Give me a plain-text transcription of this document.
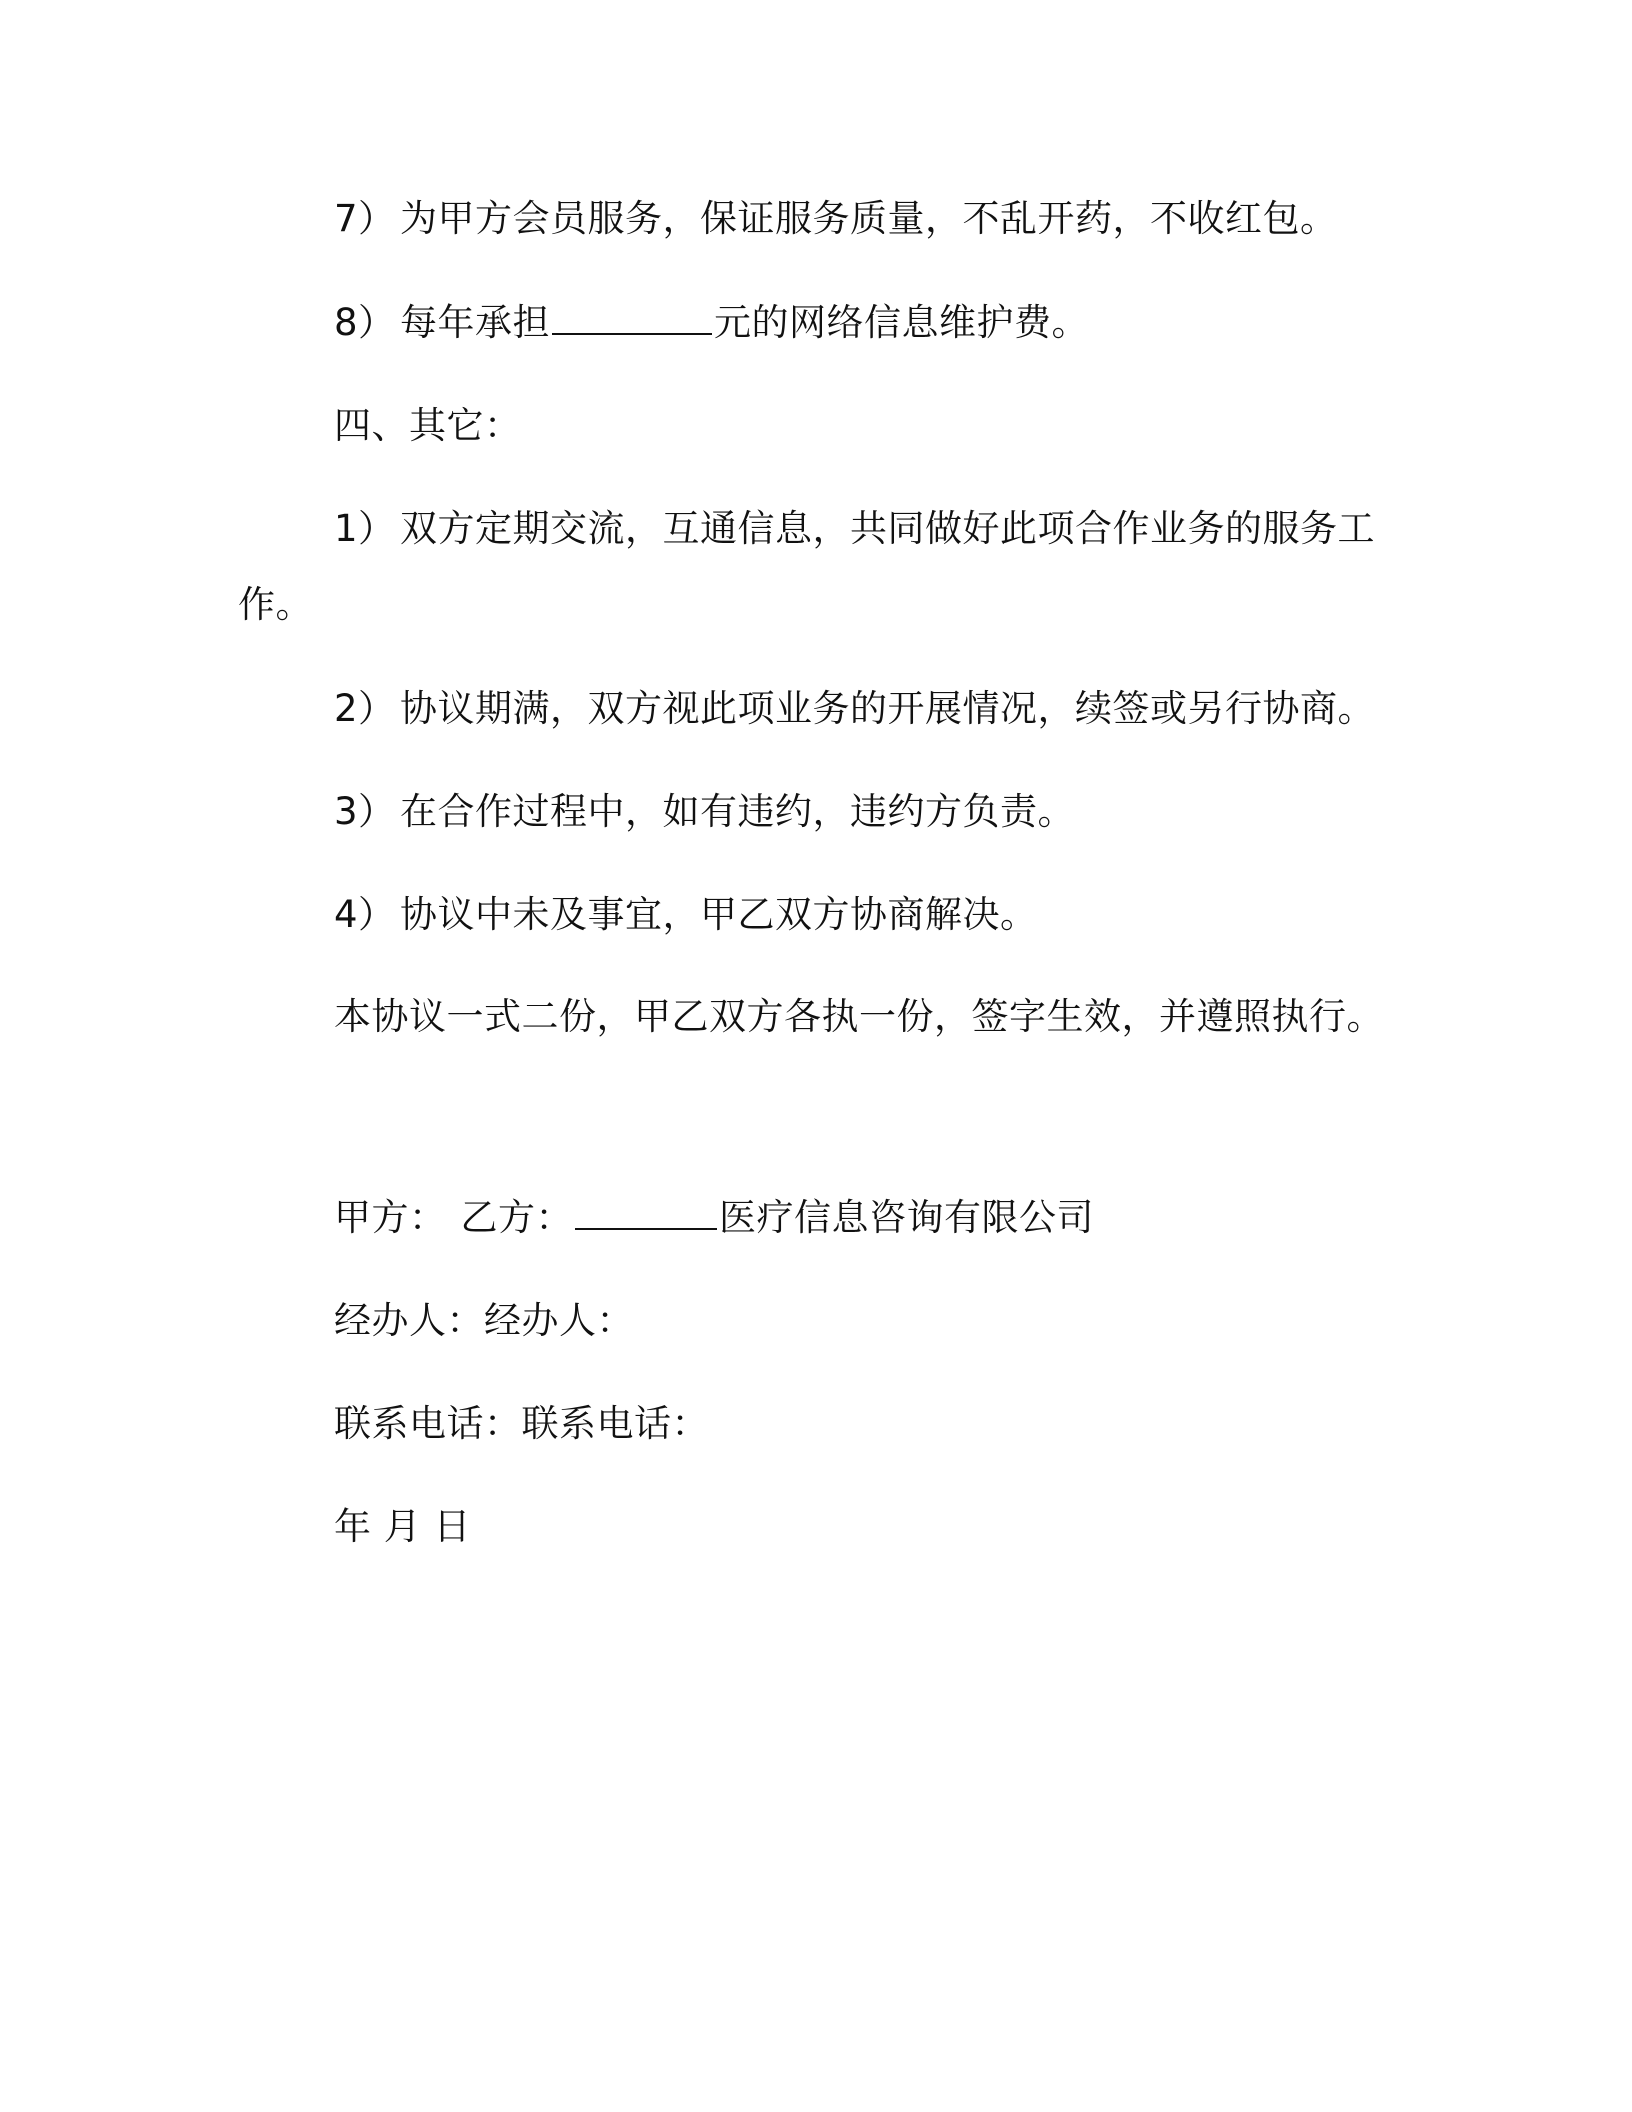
7） 为甲方会员服务，保证服务质量，不乱开药，不收红包。
8） 每年承担	元的网络信息维护费。
四、其它：
1） 双方定期交流，互通信息，共同做好此项合作业务的服务工
作。
2） 协议期满，双方视此项业务的开展情况，续签或另行协商。
3） 在合作过程中，如有违约，违约方负责。
4） 协议中未及事宜，甲乙双方协商解决。
本协议一式二份，甲乙双方各执一份，签字生效，并遵照执行。
甲方： 乙方：	医疗信息咨询有限公司
经办人：经办人：
联系电话：联系电话：
年 月 日
